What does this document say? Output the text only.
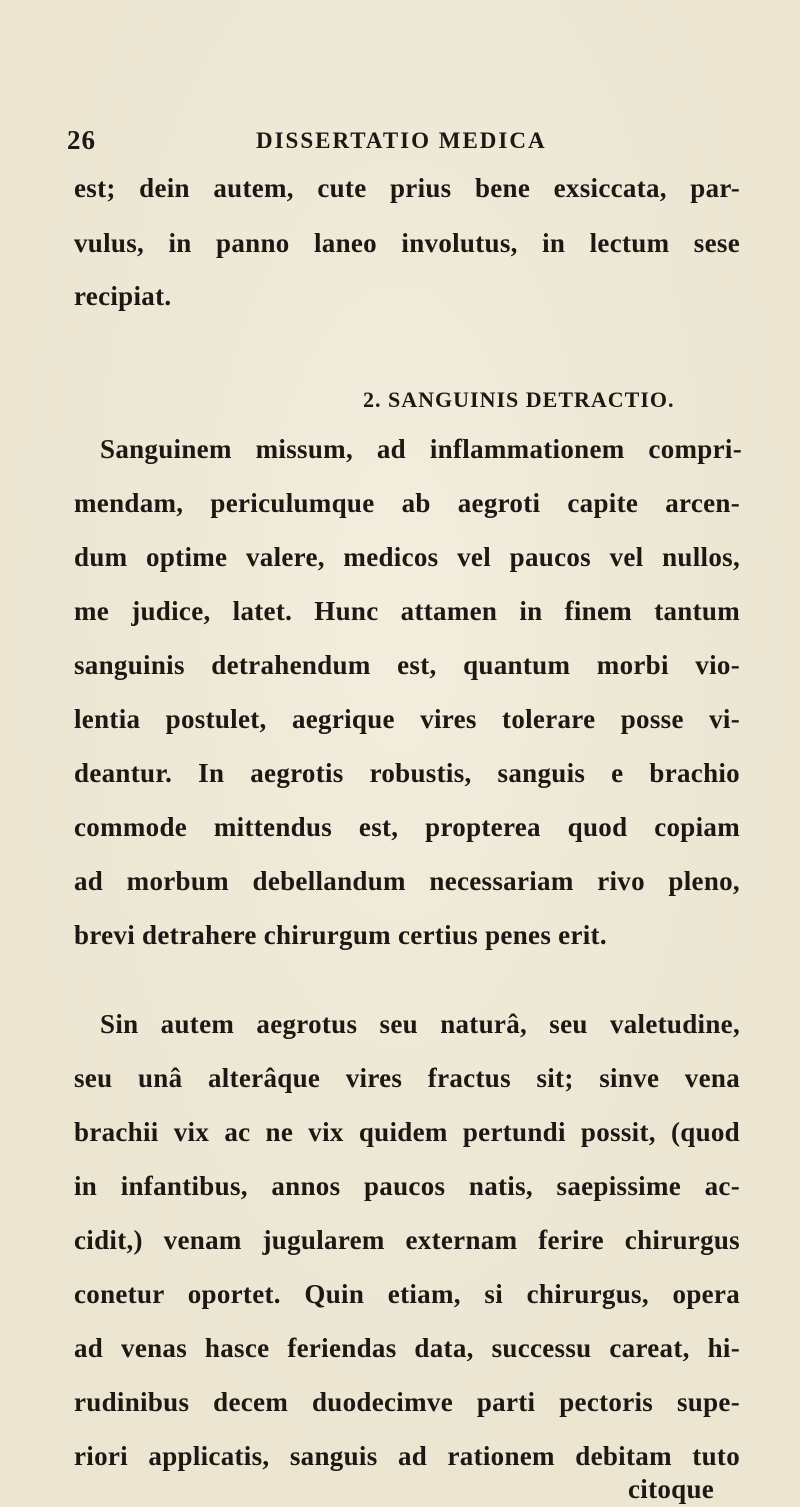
26	DISSERTATIO MEDICA
est; dein autem, cute prius bene exsiccata, par-
vulus, in panno laneo involutus, in lectum sese
recipiat.
2. SANGUINIS DETRACTIO.
Sanguinem missum, ad inflammationem compri-
mendam, periculumque ab aegroti capite arcen-
dum optime valere, medicos vel paucos vel nullos,
me judice, latet. Hunc attamen in finem tantum
sanguinis detrahendum est, quantum morbi vio-
lentia postulet, aegrique vires tolerare posse vi-
deantur. In aegrotis robustis, sanguis e brachio
commode mittendus est, propterea quod copiam
ad morbum debellandum necessariam rivo pleno,
brevi detrahere chirurgum certius penes erit.
Sin autem aegrotus seu naturâ, seu valetudine,
seu unâ alterâque vires fractus sit; sinve vena
brachii vix ac ne vix quidem pertundi possit, (quod
in infantibus, annos paucos natis, saepissime ac-
cidit,) venam jugularem externam ferire chirurgus
conetur oportet. Quin etiam, si chirurgus, opera
ad venas hasce feriendas data, successu careat, hi-
rudinibus decem duodecimve parti pectoris supe-
riori applicatis, sanguis ad rationem debitam tuto
citoque
